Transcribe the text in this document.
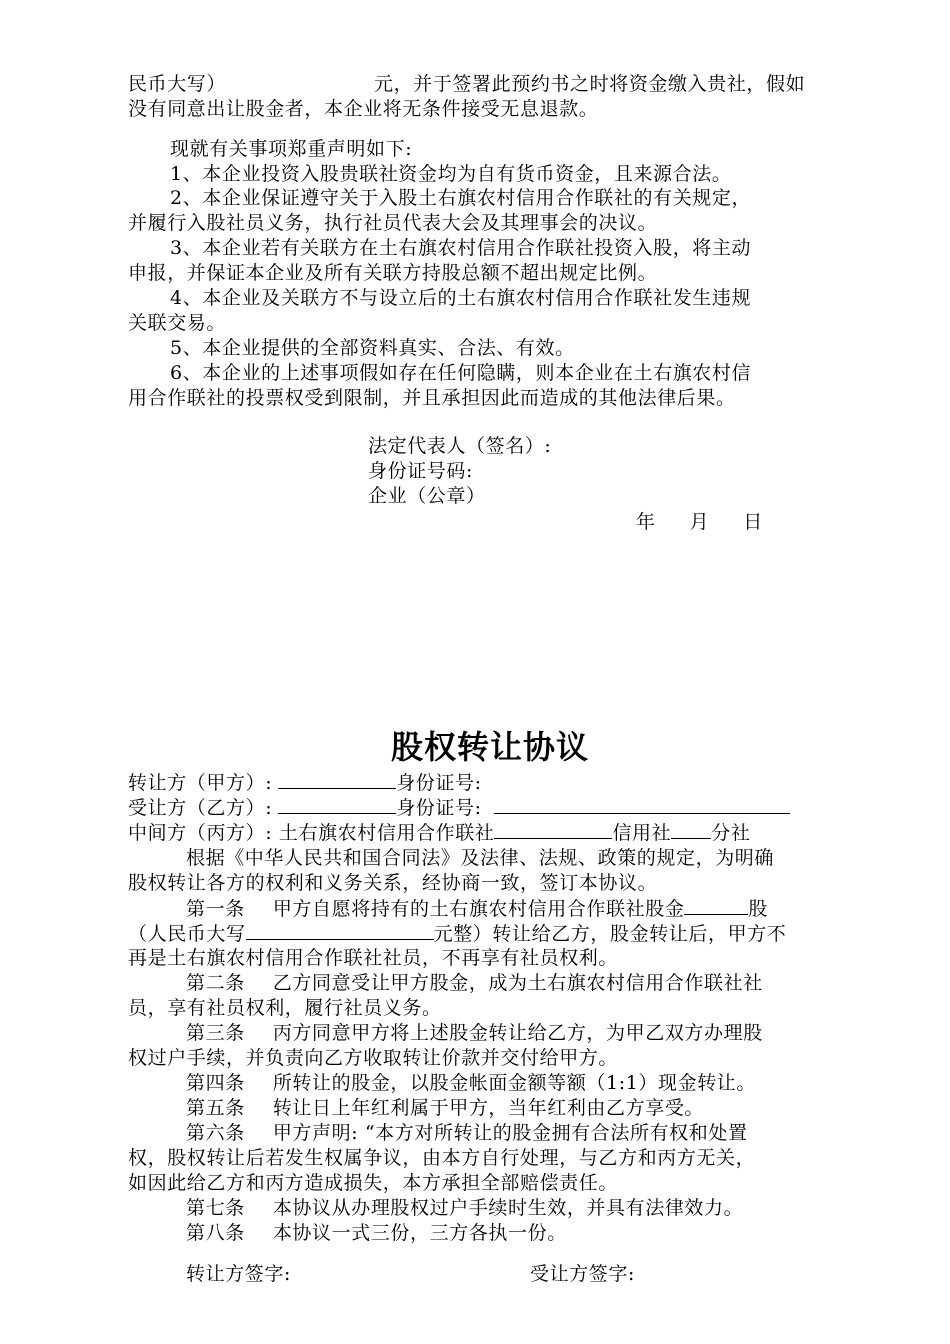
民币大写）	元，并于签署此预约书之时将资金缴入贵社，假如
没有同意出让股金者，本企业将无条件接受无息退款。
现就有关事项郑重声明如下:
1、本企业投资入股贵联社资金均为自有货币资金，且来源合法。
2、本企业保证遵守关于入股土右旗农村信用合作联社的有关规定，
并履行入股社员义务，执行社员代表大会及其理事会的决议。
3、本企业若有关联方在土右旗农村信用合作联社投资入股，将主动
申报，并保证本企业及所有关联方持股总额不超出规定比例。
4、本企业及关联方不与设立后的土右旗农村信用合作联社发生违规
关联交易。
5、本企业提供的全部资料真实、合法、有效。
6、本企业的上述事项假如存在任何隐瞒，则本企业在土右旗农村信
用合作联社的投票权受到限制，并且承担因此而造成的其他法律后果。
法定代表人（签名）:
身份证号码:
企业（公章）
年 月 日
股权转让协议
转让方（甲方）:	身份证号:
受让方（乙方）:	身份证号:
中间方（丙方）: 土右旗农村信用合作联社	信用社 分社
根据《中华人民共和国合同法》及法律、法规、政策的规定，为明确
股权转让各方的权利和义务关系，经协商一致，签订本协议。
第一条 甲方自愿将持有的土右旗农村信用合作联社股金	股
（人民币大写	元整）转让给乙方，股金转让后，甲方不
再是土右旗农村信用合作联社社员，不再享有社员权利。
第二条 乙方同意受让甲方股金，成为土右旗农村信用合作联社社
员，享有社员权利，履行社员义务。
第三条 丙方同意甲方将上述股金转让给乙方，为甲乙双方办理股
权过户手续，并负责向乙方收取转让价款并交付给甲方。
第四条 所转让的股金，以股金帐面金额等额（1:1）现金转让。
第五条 转让日上年红利属于甲方，当年红利由乙方享受。
第六条 甲方声明: “本方对所转让的股金拥有合法所有权和处置
权，股权转让后若发生权属争议，由本方自行处理，与乙方和丙方无关，
如因此给乙方和丙方造成损失，本方承担全部赔偿责任。
第七条 本协议从办理股权过户手续时生效，并具有法律效力。
第八条 本协议一式三份，三方各执一份。
转让方签字:	受让方签字:
